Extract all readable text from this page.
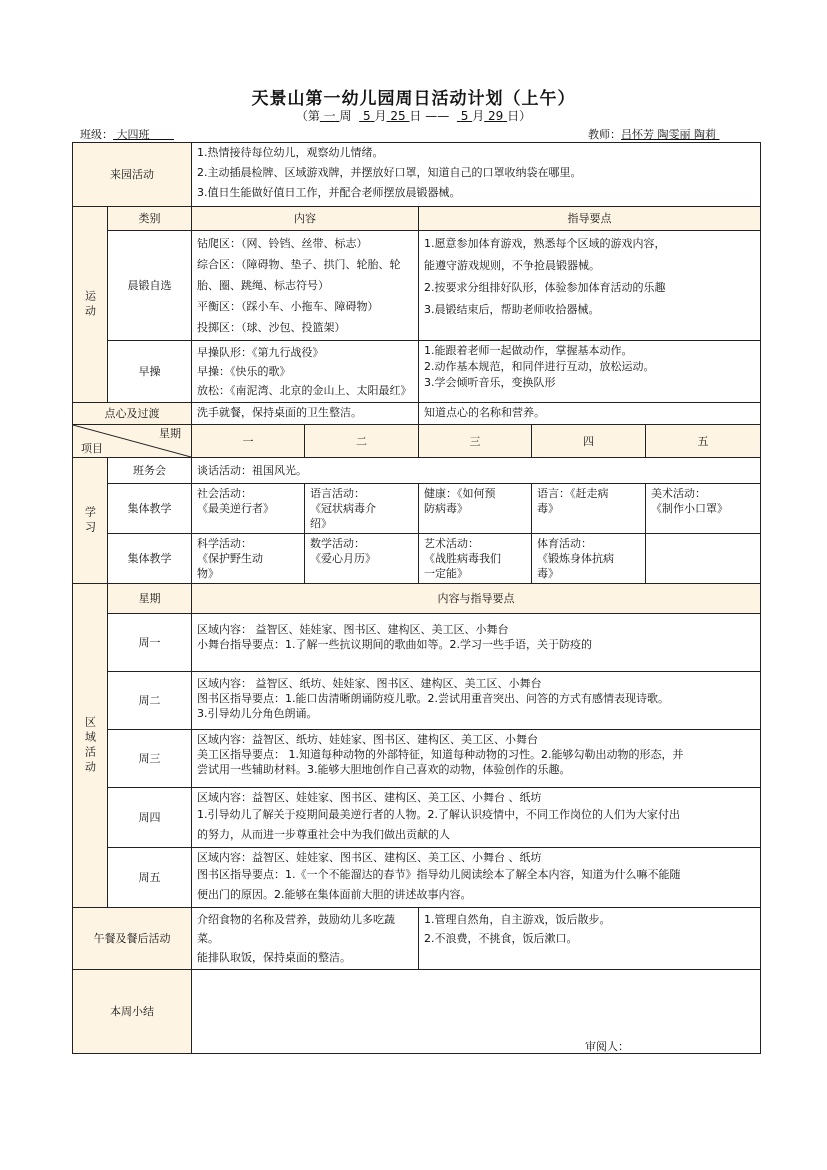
天景山第一幼儿园周日活动计划（上午）
（第 一 周 5 月 25 日 ——   5 月 29 日）
班级： 大四班	教师：吕怀芳 陶雯丽 陶莉
来园活动		1.热情接待每位幼儿，观察幼儿情绪。
2.主动插晨检牌、区域游戏牌，并摆放好口罩，知道自己的口罩收纳袋在哪里。
3.值日生能做好值日工作，并配合老师摆放晨锻器械。				

运动	类别	内容		指导要点		
	晨锻自选	钻爬区：（网、铃铛、丝带、标志）
综合区：（障碍物、垫子、拱门、轮胎、轮
胎、圈、跳绳、标志符号）
平衡区：（踩小车、小拖车、障碍物）
投掷区：（球、沙包、投篮架）		1.愿意参加体育游戏，熟悉每个区域的游戏内容，
能遵守游戏规则，不争抢晨锻器械。
2.按要求分组排好队形，体验参加体育活动的乐趣
3.晨锻结束后，帮助老师收拾器械。		

	早操	早操队形：《第九行战役》
早操：《快乐的歌》
放松：《南泥湾、北京的金山上、太阳最红》		1.能跟着老师一起做动作，掌握基本动作。
2.动作基本规范，和同伴进行互动，放松运动。
3.学会倾听音乐，变换队形		

点心及过渡		洗手就餐，保持桌面的卫生整洁。		知道点心的名称和营养。		

星期
项目		一	二	三	四	五
学习	班务会	谈话活动：祖国风光。				
	集体教学	社会活动：
《最美逆行者》	语言活动：
《冠状病毒介
绍》	健康：《如何预
防病毒》	语言：《赶走病
毒》	美术活动：
《制作小口罩》

	集体教学	科学活动：
《保护野生动
物》	数学活动：
《爱心月历》	艺术活动：
《战胜病毒我们
一定能》	体育活动：
《锻炼身体抗病
毒》	

区域活动	星期	内容与指导要点				
	周一	区域内容： 益智区、娃娃家、图书区、建构区、美工区、小舞台
小舞台指导要点：1.了解一些抗议期间的歌曲如等。2.学习一些手语，关于防疫的				

	周二	区域内容： 益智区、纸坊、娃娃家、图书区、建构区、美工区、小舞台
图书区指导要点：1.能口齿清晰朗诵防疫儿歌。2.尝试用重音突出、问答的方式有感情表现诗歌。
3.引导幼儿分角色朗诵。				

	周三	区域内容：益智区、纸坊、娃娃家、图书区、建构区、美工区、小舞台
美工区指导要点： 1.知道每种动物的外部特征，知道每种动物的习性。2.能够勾勒出动物的形态，并
尝试用一些辅助材料。3.能够大胆地创作自己喜欢的动物，体验创作的乐趣。				

	周四	区域内容：益智区、娃娃家、图书区、建构区、美工区、小舞台 、纸坊
1.引导幼儿了解关于疫期间最美逆行者的人物。2.了解认识疫情中，不同工作岗位的人们为大家付出
的努力，从而进一步尊重社会中为我们做出贡献的人				

	周五	区域内容：益智区、娃娃家、图书区、建构区、美工区、小舞台 、纸坊
图书区指导要点：1.《一个不能溜达的春节》指导幼儿阅读绘本了解全本内容，知道为什么嘛不能随
便出门的原因。2.能够在集体面前大胆的讲述故事内容。				

午餐及餐后活动		介绍食物的名称及营养，鼓励幼儿多吃蔬菜。
能排队取饭，保持桌面的整洁。		1.管理自然角，自主游戏，饭后散步。
2.不浪费，不挑食，饭后漱口。		

本周小结						
审阅人：
